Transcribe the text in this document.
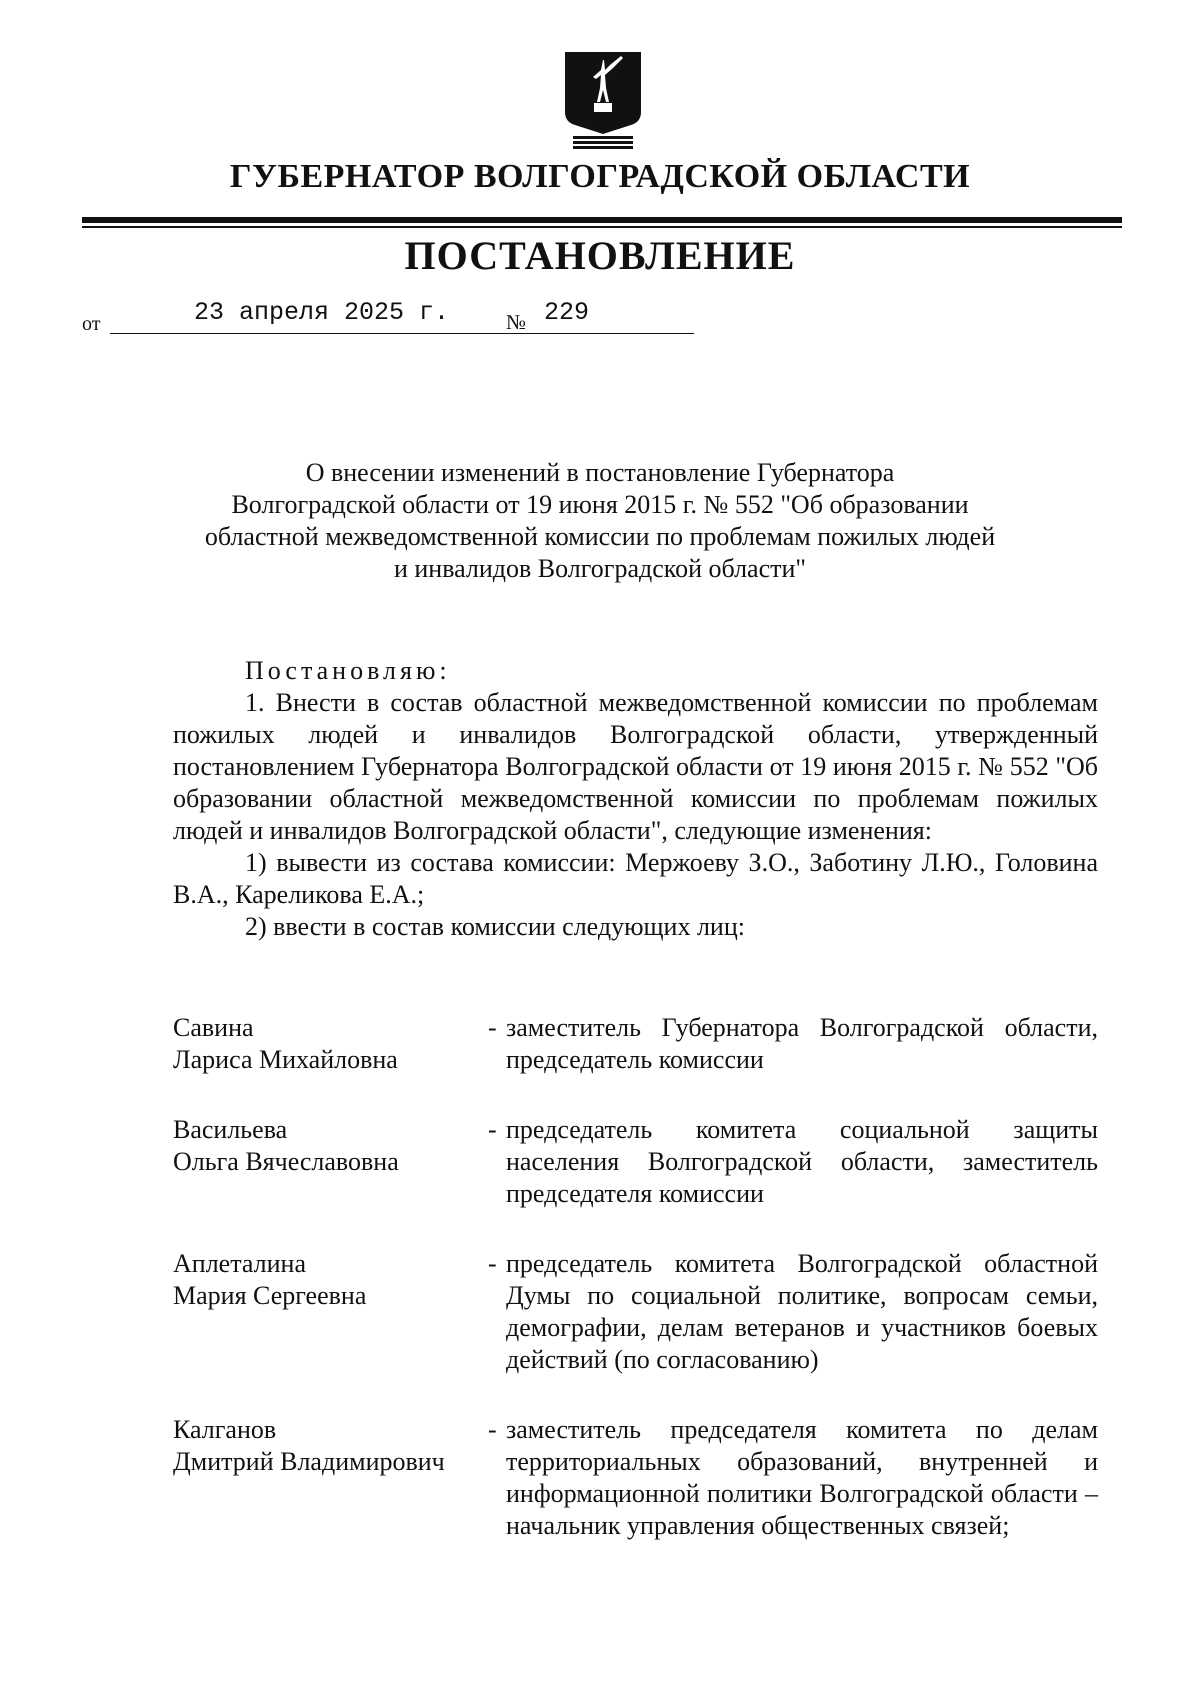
ГУБЕРНАТОР ВОЛГОГРАДСКОЙ ОБЛАСТИ
ПОСТАНОВЛЕНИЕ
от	23 апреля 2025 г.	№ 229
О внесении изменений в постановление Губернатора
Волгоградской области от 19 июня 2015 г. № 552 "Об образовании
областной межведомственной комиссии по проблемам пожилых людей
и инвалидов Волгоградской области"
Постановляю:

1. Внести в состав областной межведомственной комиссии по проблемам пожилых людей и инвалидов Волгоградской области, утвержденный постановлением Губернатора Волгоградской области от 19 июня 2015 г. № 552 "Об образовании областной межведомственной комиссии по проблемам пожилых людей и инвалидов Волгоградской области", следующие изменения:

1) вывести из состава комиссии: Мержоеву З.О., Заботину Л.Ю., Головина В.А., Кареликова Е.А.;

2) ввести в состав комиссии следующих лиц:

Савина
Лариса Михайловна
- заместитель Губернатора Волгоградской области, председатель комиссии
Васильева
Ольга Вячеславовна
- председатель комитета социальной защиты населения Волгоградской области, заместитель председателя комиссии
Аплеталина
Мария Сергеевна
- председатель комитета Волгоградской областной Думы по социальной политике, вопросам семьи, демографии, делам ветеранов и участников боевых действий (по согласованию)
Калганов
Дмитрий Владимирович
- заместитель председателя комитета по делам территориальных образований, внутренней и информационной политики Волгоградской области – начальник управления общественных связей;
